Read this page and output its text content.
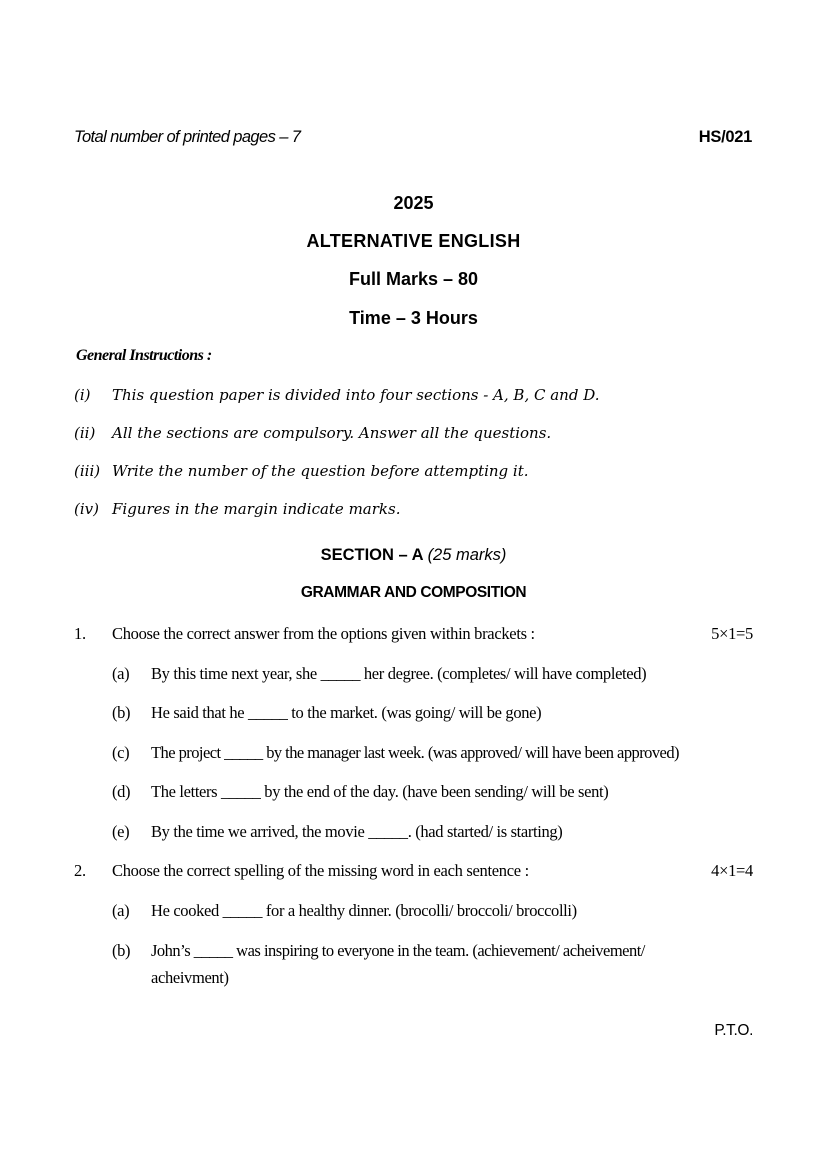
Total number of printed pages – 7	HS/021
2025
ALTERNATIVE ENGLISH
Full Marks – 80
Time – 3 Hours
General Instructions :
(i) This question paper is divided into four sections - A, B, C and D.
(ii) All the sections are compulsory. Answer all the questions.
(iii) Write the number of the question before attempting it.
(iv) Figures in the margin indicate marks.
SECTION – A (25 marks)
GRAMMAR AND COMPOSITION
1. Choose the correct answer from the options given within brackets :	5×1=5
(a) By this time next year, she _____ her degree. (completes/ will have completed)
(b) He said that he _____ to the market. (was going/ will be gone)
(c) The project _____ by the manager last week. (was approved/ will have been approved)
(d) The letters _____ by the end of the day. (have been sending/ will be sent)
(e) By the time we arrived, the movie _____. (had started/ is starting)
2. Choose the correct spelling of the missing word in each sentence :	4×1=4
(a) He cooked _____ for a healthy dinner. (brocolli/ broccoli/ broccolli)
(b) John’s _____ was inspiring to everyone in the team. (achievement/ acheivement/
acheivment)
P.T.O.
